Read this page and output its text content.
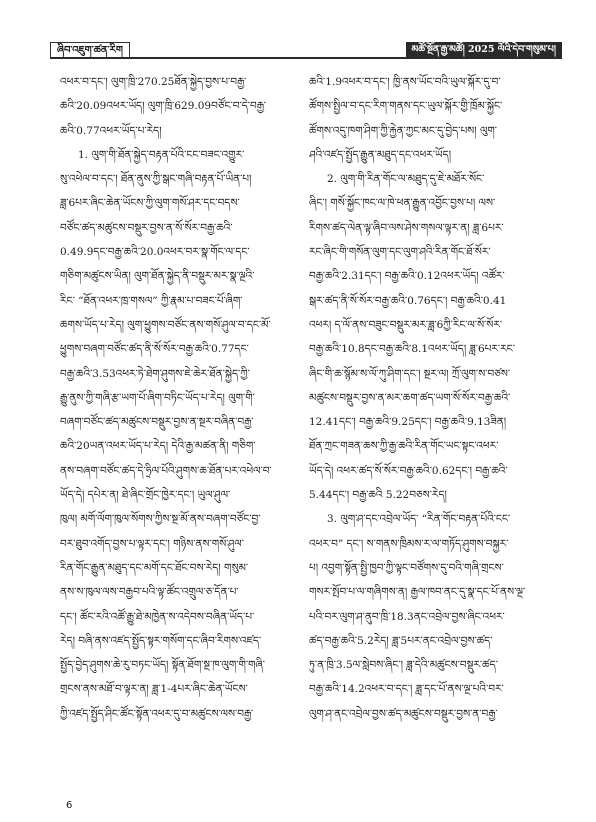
ཞིབ་འཇུག་ཚན་རིག	མཚོ་སྔོན་རྒྱ་མཚོ། 2025 ལོའི་དེབ་གསུམ་པ།
འཕར་བ་དང་། ལུག་ཁྲི་270.25ཐོན་སྐྱེད་བྱས་པ་བརྒྱ་
ཆའི་20.09འཕར་ཡོད། ལུག་ཁྲི་629.09བཙོང་བ་དེ་བརྒྱ་
ཆའི་0.77འཕར་ཡོད་པ་རེད།
1. ལུག་གི་ཐོན་སྐྱེད་བརྟན་པོའི་ངང་བཟང་འགྱུར་
སུ་འཕེལ་བ་དང་། ཐོན་ནུས་ཀྱི་སྒང་གཞི་བརྟན་པོ་ཡིན་པ།
ཟླ་6པར་ཞིང་ཆེན་ཡོངས་ཀྱི་ལུག་གསོ་ཤར་དང་བདས་
བཙོང་ཚད་མཚུངས་བསྡུར་བྱས་ན་སོ་སོར་བརྒྱ་ཆའི་
0.49.9དང་བརྒྱ་ཆའི་20.0འཕར་བར་སྣ་གོང་ལ་དང་
གཅིག་མཚུངས་ཡིན། ལུག་ཐོན་སྐྱེད་ནི་བསྡུར་མར་སྣ་ལྔའི་
རིང་ “ཐོན་འཕར་ཁྲ་གསལ” ཀྱི་རྣམ་པ་བཟང་པོ་ཞིག་
ཆགས་ཡོད་པ་རེད། ལུག་ཕྱུགས་བཙོང་ནས་གསོ་ཤུལ་བ་དང་མོ་
ཕྱུགས་བཞག་བཙོང་ཚད་ནི་སོ་སོར་བརྒྱ་ཆའི་0.77དང་
བརྒྱ་ཆའི་3.53འཕར་ཏེ་ཐེག་ཤུགས་ཇེ་ཆེར་ཐོན་སྐྱེད་ཀྱི་
རྒྱུ་ནུས་ཀྱི་གཞི་རྩ་ཡག་པོ་ཞིག་བཏིང་ཡོད་པ་རེད། ལུག་གི་
བཞག་བཙོང་ཚད་མཚུངས་བསྡུར་བྱས་ན་སྔར་བཞིན་བརྒྱ་
ཆའི་20ཡན་འཕར་ཡོད་པ་རེད། དེའི་རྒྱ་མཚན་ནི། གཅིག་
ནས་བཞག་བཙོང་ཚད་དེ་ཧྲིལ་པོའི་ཤུགས་ཆ་ཐོན་པར་འཕེལ་བ་
ཡོད་དེ། དཔེར་ན། ཐེ་ཞིང་གྲོང་ཁྱེར་དང་། ཡུལ་ཤུལ་
ཁུལ། མགོ་ལོག་ཁུལ་སོགས་ཀྱིས་སྔ་མོ་ནས་བཞག་བཙོང་བྱ་
བར་ཐུབ་འགོད་བྱས་པ་ལྟར་དང་། གཉིས་ནས་གསོ་ཤུལ་
རིན་གོང་རྒྱུན་མཐུད་དང་མགོ་དང་ཐོང་བས་རེད། གསུམ་
ནས་ས་ཁུལ་ལས་བརྒྱབ་པའི་ལྟ་ཚོང་འགྲུལ་ཅ་དོན་པ་
དང་། ཚོང་རའི་འཚོ་རྒྱུ་ཐེ་མཁྱེན་ས་འདེབས་བཞིན་ཡོད་པ་
རེད། བཞི་ནས་འཛད་སྤྱོད་སྟར་གསོག་དང་ཞིབ་རིགས་འཛད་
སྤྱོད་བྱེད་ཤུགས་ཆེ་རུ་བཏང་ཡོད། སྟོན་ཐོག་སྔ་ཁ་ལུག་གི་གཞི་
གྲངས་ནས་མཐོ་བ་ལྟར་ན། ཟླ་1-4པར་ཞིང་ཆེན་ཡོངས་
ཀྱི་འཛད་སྤྱོད་ཤིང་ཚོང་སྟོན་འཕར་དུ་བ་མཚུངས་ལས་བརྒྱ་
ཆའི་1.9འཕར་བ་དང་། ཁྱི་ནས་ཡོང་བའི་ཡུལ་སྐོར་དུ་བ་
ཚོགས་སྤྱིལ་བ་དང་རིག་གནས་དང་ཡུལ་སྐོར་གྱི་ཁྲོམ་སྐྱོང་
ཚོགས་འདུ་ཁག་ཤིག་ཀྱི་རྐྱེན་ཀྱང་མང་དུ་བྱེད་པས། ལུག་
ཤའི་འཛད་སྤྱོད་རྒྱུན་མཐུད་དང་འཕར་ཡོད།
2. ལུག་གི་རིན་གོང་ལ་མཐུད་དུ་ཇེ་མཐོར་སོང་
ཞིང་། གསོ་སྐྱོང་ཁང་ལ་ཁེ་ཕན་རྒྱུན་འབྱོང་བྱས་པ། ལས་
རིགས་ཚད་ལེན་ལྟ་ཞིབ་ལས་ཤེས་གསལ་ལྟར་ན། ཟླ་6པར་
རང་ཞིང་གི་གསོན་ལུག་དང་ལུག་ཤའི་རིན་གོང་ཐོ་སོར་
བརྒྱ་ཆའི་2.31དང་། བརྒྱ་ཆའི་0.12འཕར་ཡོད། འཚོར་
སྒར་ཚད་ནི་སོ་སོར་བརྒྱ་ཆའི་0.76དང་། བརྒྱ་ཆའི་0.41
འཕར། ད་ལོ་ནས་བཟུང་བསྡུར་མར་ཟླ་6ཀྱི་རིང་ལ་སོ་སོར་
བརྒྱ་ཆའི་10.8དང་བརྒྱ་ཆའི་8.1འཕར་ཡོད། ཟླ་6པར་རང་
ཞིང་གི་ཆ་སྙོམ་ས་ལོ་ཀུ་ཤིག་དང་། སྔར་ལ། ཀྲོ་ལུག་ས་བཙས་
མཚུངས་བསྡུར་བྱས་ན་མར་ཆག་ཚད་ཡག་སོ་སོར་བརྒྱ་ཆའི་
12.41དང་། བརྒྱ་ཆའི་9.25དང་། བརྒྱ་ཆའི་9.13ཟིན།
ཐོན་ཀྲང་གཟན་ཆས་ཀྱི་རྒྱ་ཆའི་རིན་གོང་ཡང་སྟང་འཕར་
ཡོད་དེ། འཕར་ཚད་སོ་སོར་བརྒྱ་ཆའི་0.62དང་། བརྒྱ་ཆའི་
5.44དང་། བརྒྱ་ཆའི 5.22བཅས་རེད།
3. ལུག་ཤ་དང་འབྲེལ་ཡོད་ “རིན་གོང་བརྟན་པོའི་ངང་
འཕར་བ” དང་། ས་གནས་ཁྲིམས་ར་ལ་གཏོད་ཤུགས་བསྐྱར་
པ། འབྱག་སྟོན་སྤྱི་ཁྱབ་ཀྱི་ལྟང་བཙོགས་དུ་བའི་གཞི་གྲངས་
གསར་སྤོབ་པ་ལ་གཞིགས་ན། རྒྱལ་ཁབ་ནང་དུ་སྣ་དང་པོ་ནས་ལྔ་
པའི་བར་ལུག་ཤ་ནུབ་ཁྲི་18.3ནང་འབྲེལ་བྱས་ཞིང་འཕར་
ཚད་བརྒྱ་ཆའི་5.2རེད། ཟླ་5པར་ནང་འབྲེལ་བྱས་ཚད་
ཏུ་ན་ཁྲི་3.5ལ་སླེབས་ཞིང་། ཟླ་དེའི་མཚུངས་བསྡུར་ཚད་
བརྒྱ་ཆའི་14.2འཕར་བ་དང་། ཟླ་དང་པོ་ནས་ལྔ་པའི་བར་
ལུག་ཤ་ནང་འབྲེལ་བྱས་ཚད་མཚུངས་བསྡུར་བྱས་ན་བརྒྱ་
6
